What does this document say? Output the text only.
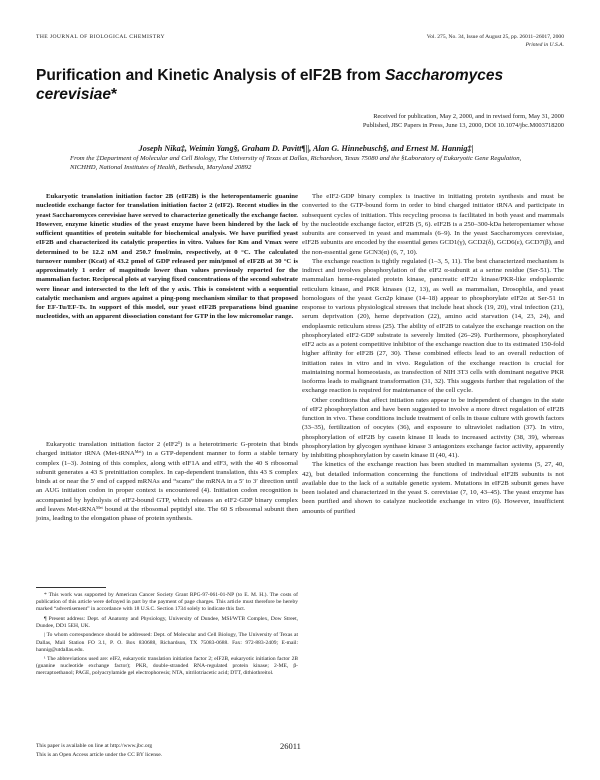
THE JOURNAL OF BIOLOGICAL CHEMISTRY	Vol. 275, No. 34, Issue of August 25, pp. 26011–26017, 2000
Printed in U.S.A.
Purification and Kinetic Analysis of eIF2B from Saccharomyces cerevisiae*
Received for publication, May 2, 2000, and in revised form, May 31, 2000
Published, JBC Papers in Press, June 13, 2000, DOI 10.1074/jbc.M003718200
Joseph Nika‡, Weimin Yang§, Graham D. Pavitt¶||, Alan G. Hinnebusch§, and Ernest M. Hannig‡|
From the ‡Department of Molecular and Cell Biology, The University of Texas at Dallas, Richardson, Texas 75080 and the §Laboratory of Eukaryotic Gene Regulation, NICHHD, National Institutes of Health, Bethesda, Maryland 20892
Eukaryotic translation initiation factor 2B (eIF2B) is the heteropentameric guanine nucleotide exchange factor for translation initiation factor 2 (eIF2). Recent studies in the yeast Saccharomyces cerevisiae have served to characterize genetically the exchange factor. However, enzyme kinetic studies of the yeast enzyme have been hindered by the lack of sufficient quantities of protein suitable for biochemical analysis. We have purified yeast eIF2B and characterized its catalytic properties in vitro. Values for Km and Vmax were determined to be 12.2 nM and 250.7 fmol/min, respectively, at 0 °C. The calculated turnover number (Kcat) of 43.2 pmol of GDP released per min/pmol of eIF2B at 30 °C is approximately 1 order of magnitude lower than values previously reported for the mammalian factor. Reciprocal plots at varying fixed concentrations of the second substrate were linear and intersected to the left of the y axis. This is consistent with a sequential catalytic mechanism and argues against a ping-pong mechanism similar to that proposed for EF-Tu/EF-Ts. In support of this model, our yeast eIF2B preparations bind guanine nucleotides, with an apparent dissociation constant for GTP in the low micromolar range.
Eukaryotic translation initiation factor 2 (eIF2¹) is a heterotrimeric G-protein that binds charged initiator tRNA (Met-tRNAᴹᵉᵗ) in a GTP-dependent manner to form a stable ternary complex (1–3). Joining of this complex, along with eIF1A and eIF3, with the 40 S ribosomal subunit generates a 43 S preinitiation complex. In cap-dependent translation, this 43 S complex binds at or near the 5′ end of capped mRNAs and “scans” the mRNA in a 5′ to 3′ direction until an AUG initiation codon in proper context is encountered (4). Initiation codon recognition is accompanied by hydrolysis of eIF2-bound GTP, which releases an eIF2·GDP binary complex and leaves Met-tRNAᴹᵉᵗ bound at the ribosomal peptidyl site. The 60 S ribosomal subunit then joins, leading to the elongation phase of protein synthesis.

* This work was supported by American Cancer Society Grant RPG-97-061-01-NP (to E. M. H.). The costs of publication of this article were defrayed in part by the payment of page charges. This article must therefore be hereby marked “advertisement” in accordance with 18 U.S.C. Section 1734 solely to indicate this fact.

¶ Present address: Dept. of Anatomy and Physiology, University of Dundee, MSI/WTB Complex, Dow Street, Dundee, DD1 5EH, UK.

| To whom correspondence should be addressed: Dept. of Molecular and Cell Biology, The University of Texas at Dallas, Mail Station FO 3.1, P. O. Box 830688, Richardson, TX 75083-0688. Fax: 972-883-2409; E-mail: hannig@utdallas.edu.

¹ The abbreviations used are: eIF2, eukaryotic translation initiation factor 2; eIF2B, eukaryotic initiation factor 2B (guanine nucleotide exchange factor); PKR, double-stranded RNA-regulated protein kinase; 2-ME, β-mercaptoethanol; PAGE, polyacrylamide gel electrophoresis; NTA, nitrilotriacetic acid; DTT, dithiothreitol.

The eIF2·GDP binary complex is inactive in initiating protein synthesis and must be converted to the GTP-bound form in order to bind charged initiator tRNA and participate in subsequent cycles of initiation. This recycling process is facilitated in both yeast and mammals by the nucleotide exchange factor, eIF2B (5, 6). eIF2B is a 250–300-kDa heteropentamer whose subunits are conserved in yeast and mammals (6–9). In the yeast Saccharomyces cerevisiae, eIF2B subunits are encoded by the essential genes GCD1(γ), GCD2(δ), GCD6(ε), GCD7(β), and the non-essential gene GCN3(α) (6, 7, 10).

The exchange reaction is tightly regulated (1–3, 5, 11). The best characterized mechanism is indirect and involves phosphorylation of the eIF2 α-subunit at a serine residue (Ser-51). The mammalian heme-regulated protein kinase, pancreatic eIF2α kinase/PKR-like endoplasmic reticulum kinase, and PKR kinases (12, 13), as well as mammalian, Drosophila, and yeast homologues of the yeast Gcn2p kinase (14–18) appear to phosphorylate eIF2α at Ser-51 in response to various physiological stresses that include heat shock (19, 20), viral infection (21), serum deprivation (20), heme deprivation (22), amino acid starvation (14, 23, 24), and endoplasmic reticulum stress (25). The ability of eIF2B to catalyze the exchange reaction on the phosphorylated eIF2·GDP substrate is severely limited (26–29). Furthermore, phosphorylated eIF2 acts as a potent competitive inhibitor of the exchange reaction due to its estimated 150-fold higher affinity for eIF2B (27, 30). These combined effects lead to an overall reduction of initiation rates in vitro and in vivo. Regulation of the exchange reaction is crucial for maintaining normal homeostasis, as transfection of NIH 3T3 cells with dominant negative PKR isoforms leads to malignant transformation (31, 32). This suggests further that regulation of the exchange reaction is required for maintenance of the cell cycle.

Other conditions that affect initiation rates appear to be independent of changes in the state of eIF2 phosphorylation and have been suggested to involve a more direct regulation of eIF2B function in vivo. These conditions include treatment of cells in tissue culture with growth factors (33–35), fertilization of oocytes (36), and exposure to ultraviolet radiation (37). In vitro, phosphorylation of eIF2B by casein kinase II leads to increased activity (38, 39), whereas phosphorylation by glycogen synthase kinase 3 antagonizes exchange factor activity, apparently by inhibiting phosphorylation by casein kinase II (40, 41).

The kinetics of the exchange reaction has been studied in mammalian systems (5, 27, 40, 42), but detailed information concerning the functions of individual eIF2B subunits is not available due to the lack of a suitable genetic system. Mutations in eIF2B subunit genes have been isolated and characterized in the yeast S. cerevisiae (7, 10, 43–45). The yeast enzyme has been purified and shown to catalyze nucleotide exchange in vitro (6). However, insufficient amounts of purified

This paper is available on line at http://www.jbc.org
This is an Open Access article under the CC BY license.
26011
